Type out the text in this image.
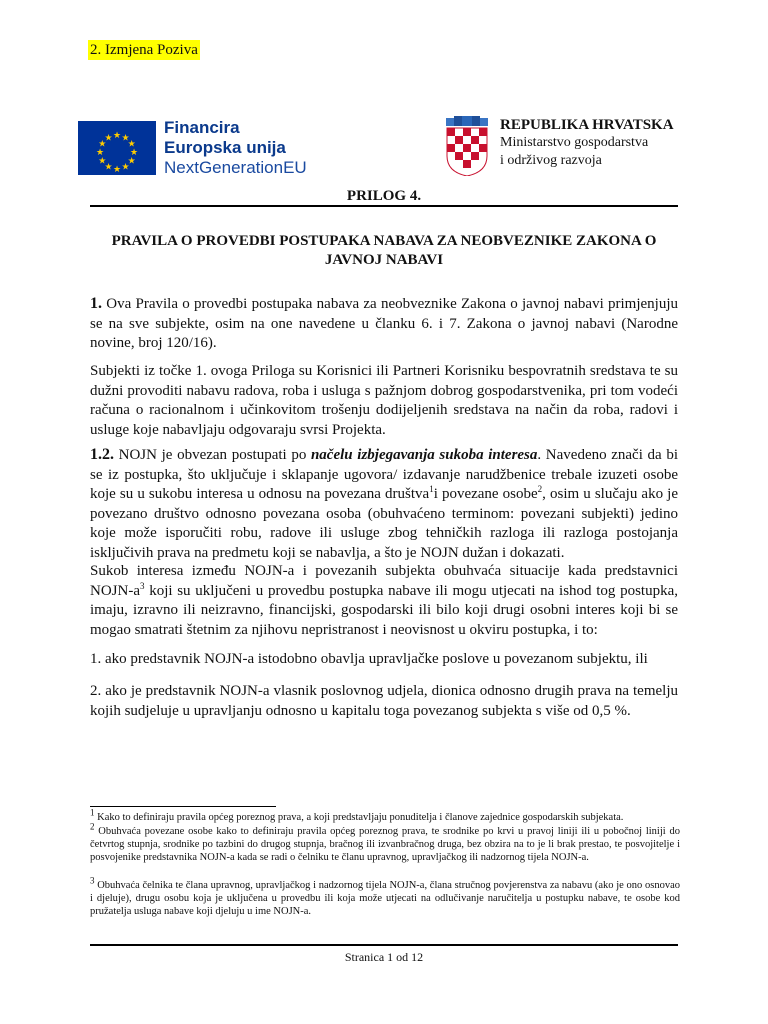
2. Izmjena Poziva
★ ★
★
★
★
★
★
★
★
★
★
★
Financira
Europska unija
NextGenerationEU
REPUBLIKA HRVATSKA
Ministarstvo gospodarstva
i održivog razvoja
PRILOG 4.
PRAVILA O PROVEDBI POSTUPAKA NABAVA ZA NEOBVEZNIKE ZAKONA O JAVNOJ NABAVI

1. Ova Pravila o provedbi postupaka nabava za neobveznike Zakona o javnoj nabavi primjenjuju se na sve subjekte, osim na one navedene u članku 6. i 7. Zakona o javnoj nabavi (Narodne novine, broj 120/16).

Subjekti iz točke 1. ovoga Priloga su Korisnici ili Partneri Korisniku bespovratnih sredstava te su dužni provoditi nabavu radova, roba i usluga s pažnjom dobrog gospodarstvenika, pri tom vodeći računa o racionalnom i učinkovitom trošenju dodijeljenih sredstava na način da roba, radovi i usluge koje nabavljaju odgovaraju svrsi Projekta.

1.2. NOJN je obvezan postupati po načelu izbjegavanja sukoba interesa. Navedeno znači da bi se iz postupka, što uključuje i sklapanje ugovora/ izdavanje narudžbenice trebale izuzeti osobe koje su u sukobu interesa u odnosu na povezana društva$^1$i povezane osobe$^2$, osim u slučaju ako je povezano društvo odnosno povezana osoba (obuhvaćeno terminom: povezani subjekti) jedino koje može isporučiti robu, radove ili usluge zbog tehničkih razloga ili razloga postojanja isključivih prava na predmetu koji se nabavlja, a što je NOJN dužan i dokazati.

Sukob interesa između NOJN-a i povezanih subjekta obuhvaća situacije kada predstavnici NOJN-$a^3$ koji su uključeni u provedbu postupka nabave ili mogu utjecati na ishod tog postupka, imaju, izravno ili neizravno, financijski, gospodarski ili bilo koji drugi osobni interes koji bi se mogao smatrati štetnim za njihovu nepristranost i neovisnost u okviru postupka, i to:

1. ako predstavnik NOJN-a istodobno obavlja upravljačke poslove u povezanom subjektu, ili

2. ako je predstavnik NOJN-a vlasnik poslovnog udjela, dionica odnosno drugih prava na temelju kojih sudjeluje u upravljanju odnosno u kapitalu toga povezanog subjekta s više od 0,5 %.

$^1$ Kako to definiraju pravila općeg poreznog prava, a koji predstavljaju ponuditelja i članove zajednice gospodarskih subjekata.

$^2$ Obuhvaća povezane osobe kako to definiraju pravila općeg poreznog prava, te srodnike po krvi u pravoj liniji ili u pobočnoj liniji do četvrtog stupnja, srodnike po tazbini do drugog stupnja, bračnog ili izvanbračnog druga, bez obzira na to je li brak prestao, te posvojitelje i posvojenike predstavnika NOJN-a kada se radi o čelniku te članu upravnog, upravljačkog ili nadzornog tijela NOJN-a.

$^3$ Obuhvaća čelnika te člana upravnog, upravljačkog i nadzornog tijela NOJN-a, člana stručnog povjerenstva za nabavu (ako je ono osnovao i djeluje), drugu osobu koja je uključena u provedbu ili koja može utjecati na odlučivanje naručitelja u postupku nabave, te osobe kod pružatelja usluga nabave koji djeluju u ime NOJN-a.

Stranica 1 od 12
